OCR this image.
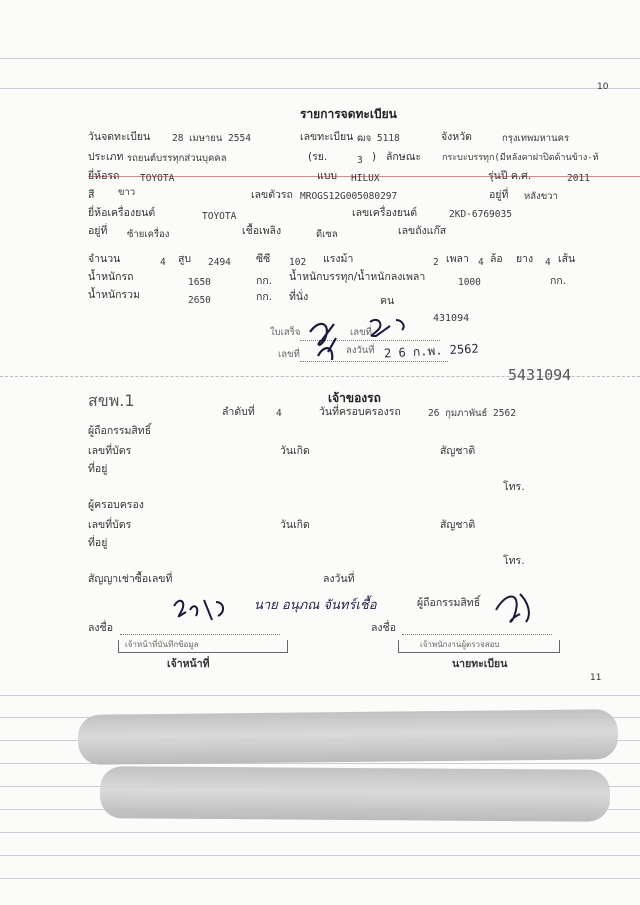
10
รายการจดทะเบียน
วันจดทะเบียน 28 เมษายน 2554	เลขทะเบียน ฒจ 5118	จังหวัด	กรุงเทพมหานคร
ประเภท รถยนต์บรรทุกส่วนบุคคล	(รย.	3 ) ลักษณะ กระบะบรรทุก(มีหลังคาฝาปิดด้านข้าง-ท้
ยี่ห้อรถ TOYOTA	แบบ HILUX	รุ่นปี ค.ศ.	2011
สี ขาว	เลขตัวรถ MROGS12G005080297	อยู่ที่ หลังขวา
ยี่ห้อเครื่องยนต์	TOYOTA	เลขเครื่องยนต์	2KD-6769035
อยู่ที่ ซ้ายเครื่อง	เชื้อเพลิง	ดีเซล	เลขถังแก๊ส
จำนวน	4 สูบ 2494 ซีซี 102 แรงม้า	2 เพลา 4 ล้อ ยาง 4 เส้น
น้ำหนักรถ	1650	กก. น้ำหนักบรรทุก/น้ำหนักลงเพลา	1000	กก.
น้ำหนักรวม	2650	กก. ที่นั่ง	คน
ใบเสร็จ	เลขที่
431094
เลขที่	ลงวันที่ 2 6 ก.พ. 2562
5431094
สขพ.1	เจ้าของรถ
ลำดับที่ 4	วันที่ครอบครองรถ	26 กุมภาพันธ์ 2562
ผู้ถือกรรมสิทธิ์
เลขที่บัตร	วันเกิด	สัญชาติ
ที่อยู่
โทร.
ผู้ครอบครอง
เลขที่บัตร	วันเกิด	สัญชาติ
ที่อยู่
โทร.
สัญญาเช่าซื้อเลขที่	ลงวันที่
นาย อนุภณ จันทร์เชื้อ	ผู้ถือกรรมสิทธิ์
ลงชื่อ	ลงชื่อ
เจ้าหน้าที่บันทึกข้อมูล	เจ้าพนักงานผู้ตรวจสอบ
เจ้าหน้าที่	นายทะเบียน
11
